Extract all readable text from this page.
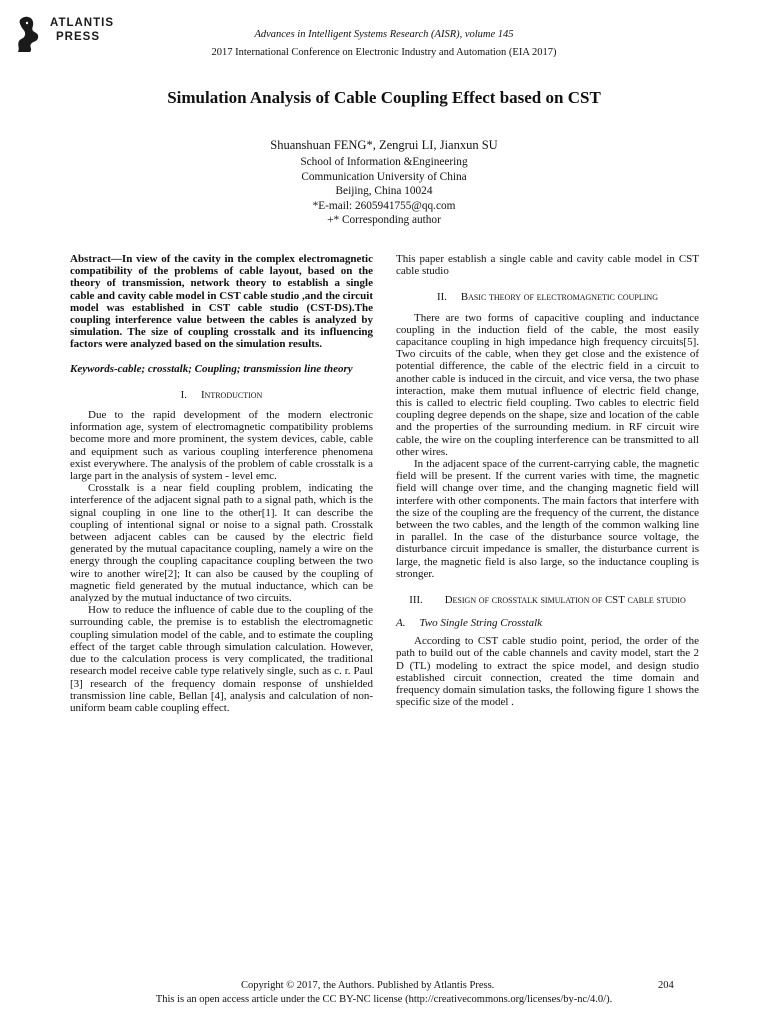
ATLANTIS
PRESS	Advances in Intelligent Systems Research (AISR), volume 145
2017 International Conference on Electronic Industry and Automation (EIA 2017)
Simulation Analysis of Cable Coupling Effect based on CST
Shuanshuan FENG*, Zengrui LI, Jianxun SU
School of Information &Engineering
Communication University of China
Beijing, China 10024
*E-mail: 2605941755@qq.com
+* Corresponding author

Abstract—In view of the cavity in the complex electromagnetic compatibility of the problems of cable layout, based on the theory of transmission, network theory to establish a single cable and cavity cable model in CST cable studio ,and the circuit model was established in CST cable studio (CST-DS).The coupling interference value between the cables is analyzed by simulation. The size of coupling crosstalk and its influencing factors were analyzed based on the simulation results.

Keywords-cable; crosstalk; Coupling; transmission line theory

I. Introduction

Due to the rapid development of the modern electronic information age, system of electromagnetic compatibility problems become more and more prominent, the system devices, cable, cable and equipment such as various coupling interference phenomena exist everywhere. The analysis of the problem of cable crosstalk is a large part in the analysis of system - level emc.

Crosstalk is a near field coupling problem, indicating the interference of the adjacent signal path to a signal path, which is the signal coupling in one line to the other[1]. It can describe the coupling of intentional signal or noise to a signal path. Crosstalk between adjacent cables can be caused by the electric field generated by the mutual capacitance coupling, namely a wire on the energy through the coupling capacitance coupling between the two wire to another wire[2]; It can also be caused by the coupling of magnetic field generated by the mutual inductance, which can be analyzed by the mutual inductance of two circuits.

How to reduce the influence of cable due to the coupling of the surrounding cable, the premise is to establish the electromagnetic coupling simulation model of the cable, and to estimate the coupling effect of the target cable through simulation calculation. However, due to the calculation process is very complicated, the traditional research model receive cable type relatively single, such as c. r. Paul [3] research of the frequency domain response of unshielded transmission line cable, Bellan [4], analysis and calculation of non-uniform beam cable coupling effect.

This paper establish a single cable and cavity cable model in CST cable studio

II. Basic theory of electromagnetic coupling

There are two forms of capacitive coupling and inductance coupling in the induction field of the cable, the most easily capacitance coupling in high impedance high frequency circuits[5]. Two circuits of the cable, when they get close and the existence of potential difference, the cable of the electric field in a circuit to another cable is induced in the circuit, and vice versa, the two phase interaction, make them mutual influence of electric field change, this is called to electric field coupling. Two cables to electric field coupling degree depends on the shape, size and location of the cable and the properties of the surrounding medium. in RF circuit wire cable, the wire on the coupling interference can be transmitted to all other wires.

In the adjacent space of the current-carrying cable, the magnetic field will be present. If the current varies with time, the magnetic field will change over time, and the changing magnetic field will interfere with other components. The main factors that interfere with the size of the coupling are the frequency of the current, the distance between the two cables, and the length of the common walking line in parallel. In the case of the disturbance source voltage, the disturbance circuit impedance is smaller, the disturbance current is large, the magnetic field is also large, so the inductance coupling is stronger.

III. Design of crosstalk simulation of CST cable studio

A. Two Single String Crosstalk

According to CST cable studio point, period, the order of the path to build out of the cable channels and cavity model, start the 2 D (TL) modeling to extract the spice model, and design studio established circuit connection, created the time domain and frequency domain simulation tasks, the following figure 1 shows the specific size of the model .

Copyright © 2017, the Authors. Published by Atlantis Press.	204
This is an open access article under the CC BY-NC license (http://creativecommons.org/licenses/by-nc/4.0/).
